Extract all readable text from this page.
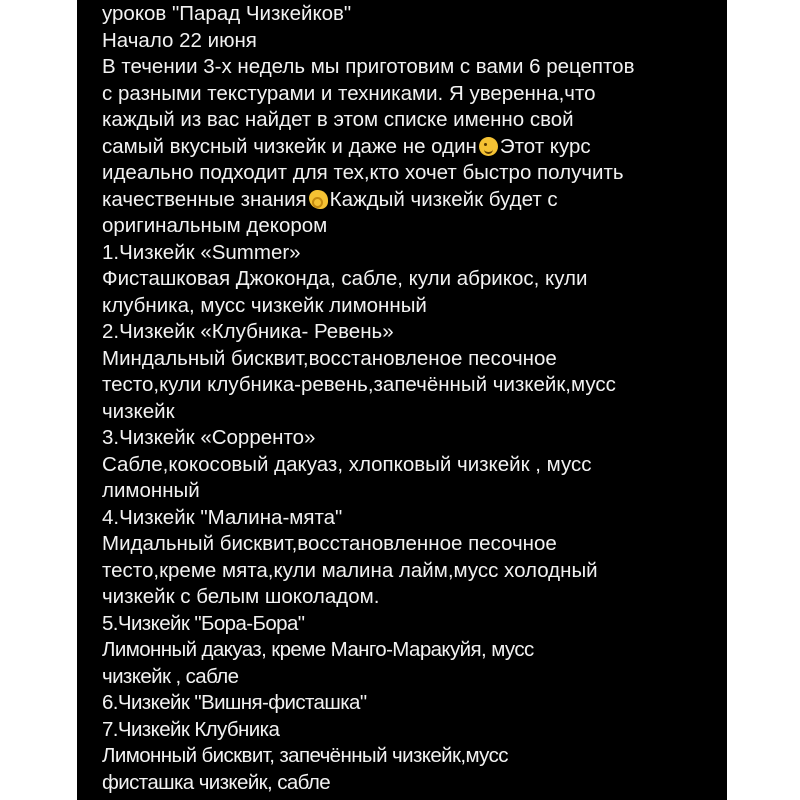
уроков "Парад Чизкейков"
Начало 22 июня
В течении 3-х недель мы приготовим с вами 6 рецептов
с разными текстурами и техниками. Я уверенна,что
каждый из вас найдет в этом списке именно свой
самый вкусный чизкейк и даже не один Этот курс
идеально подходит для тех,кто хочет быстро получить
качественные знания Каждый чизкейк будет с
оригинальным декором
1.Чизкейк «Summer»
Фисташковая Джоконда, сабле, кули абрикос, кули
клубника, мусс чизкейк лимонный
2.Чизкейк «Клубника- Ревень»
Миндальный бисквит,восстановленое песочное
тесто,кули клубника-ревень,запечённый чизкейк,мусс
чизкейк
3.Чизкейк «Сорренто»
Сабле,кокосовый дакуаз, хлопковый чизкейк , мусс
лимонный
4.Чизкейк "Малина-мята"
Мидальный бисквит,восстановленное песочное
тесто,креме мята,кули малина лайм,мусс холодный
чизкейк с белым шоколадом.
5.Чизкейк "Бора-Бора"
Лимонный дакуаз, креме Манго-Маракуйя, мусс
чизкейк , сабле
6.Чизкейк "Вишня-фисташка"
7.Чизкейк Клубника
Лимонный бисквит, запечённый чизкейк,мусс
фисташка чизкейк, сабле
